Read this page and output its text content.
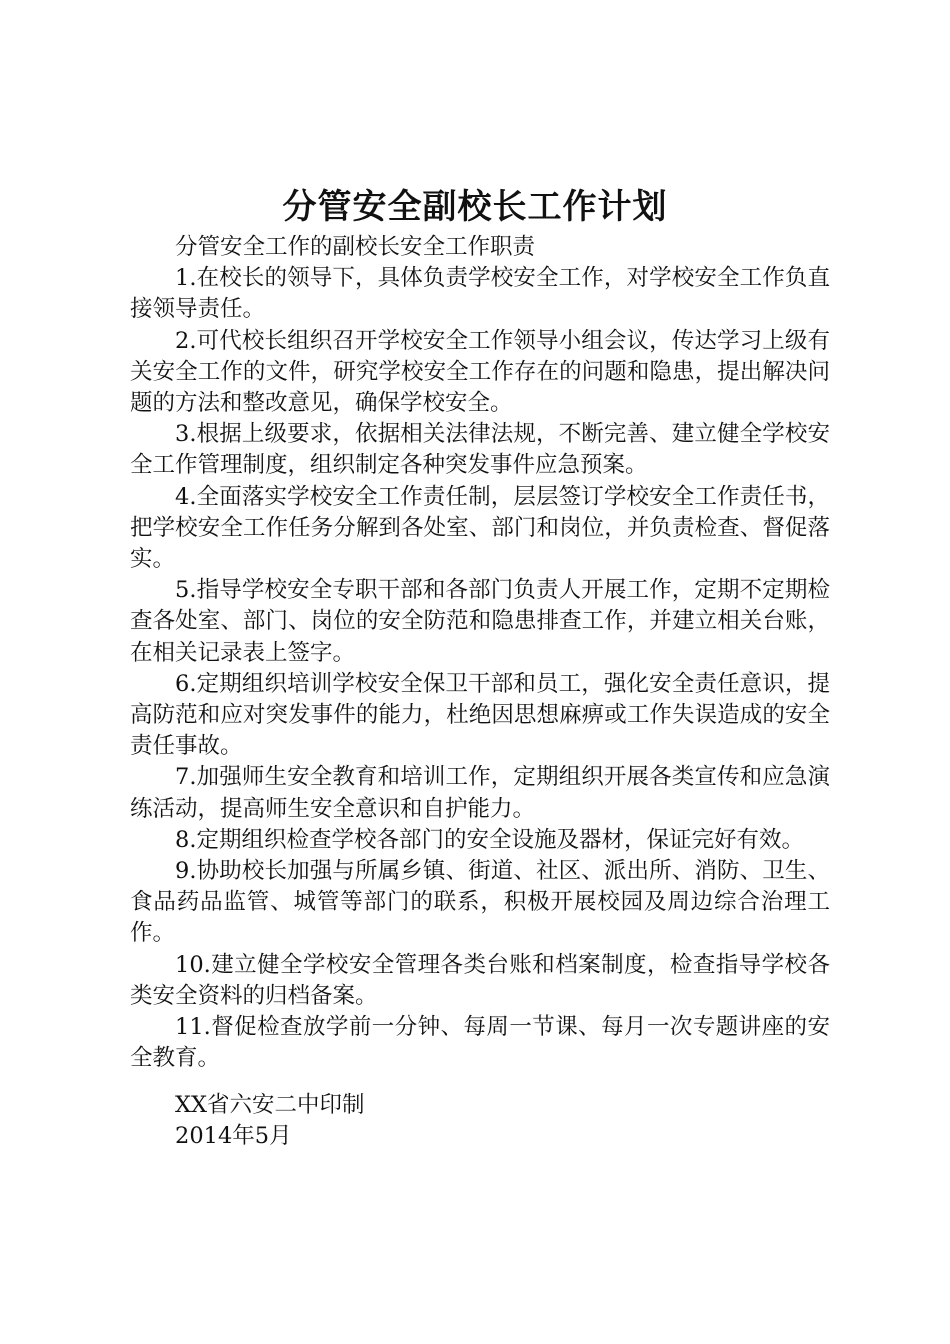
分管安全副校长工作计划

分管安全工作的副校长安全工作职责

1.在校长的领导下，具体负责学校安全工作，对学校安全工作负直接领导责任。

2.可代校长组织召开学校安全工作领导小组会议，传达学习上级有关安全工作的文件，研究学校安全工作存在的问题和隐患，提出解决问题的方法和整改意见，确保学校安全。

3.根据上级要求，依据相关法律法规，不断完善、建立健全学校安全工作管理制度，组织制定各种突发事件应急预案。

4.全面落实学校安全工作责任制，层层签订学校安全工作责任书，把学校安全工作任务分解到各处室、部门和岗位，并负责检查、督促落实。

5.指导学校安全专职干部和各部门负责人开展工作，定期不定期检查各处室、部门、岗位的安全防范和隐患排查工作，并建立相关台账，在相关记录表上签字。

6.定期组织培训学校安全保卫干部和员工，强化安全责任意识，提高防范和应对突发事件的能力，杜绝因思想麻痹或工作失误造成的安全责任事故。

7.加强师生安全教育和培训工作，定期组织开展各类宣传和应急演练活动，提高师生安全意识和自护能力。

8.定期组织检查学校各部门的安全设施及器材，保证完好有效。

9.协助校长加强与所属乡镇、街道、社区、派出所、消防、卫生、食品药品监管、城管等部门的联系，积极开展校园及周边综合治理工作。

10.建立健全学校安全管理各类台账和档案制度，检查指导学校各类安全资料的归档备案。

11.督促检查放学前一分钟、每周一节课、每月一次专题讲座的安全教育。

XX省六安二中印制

2014年5月
